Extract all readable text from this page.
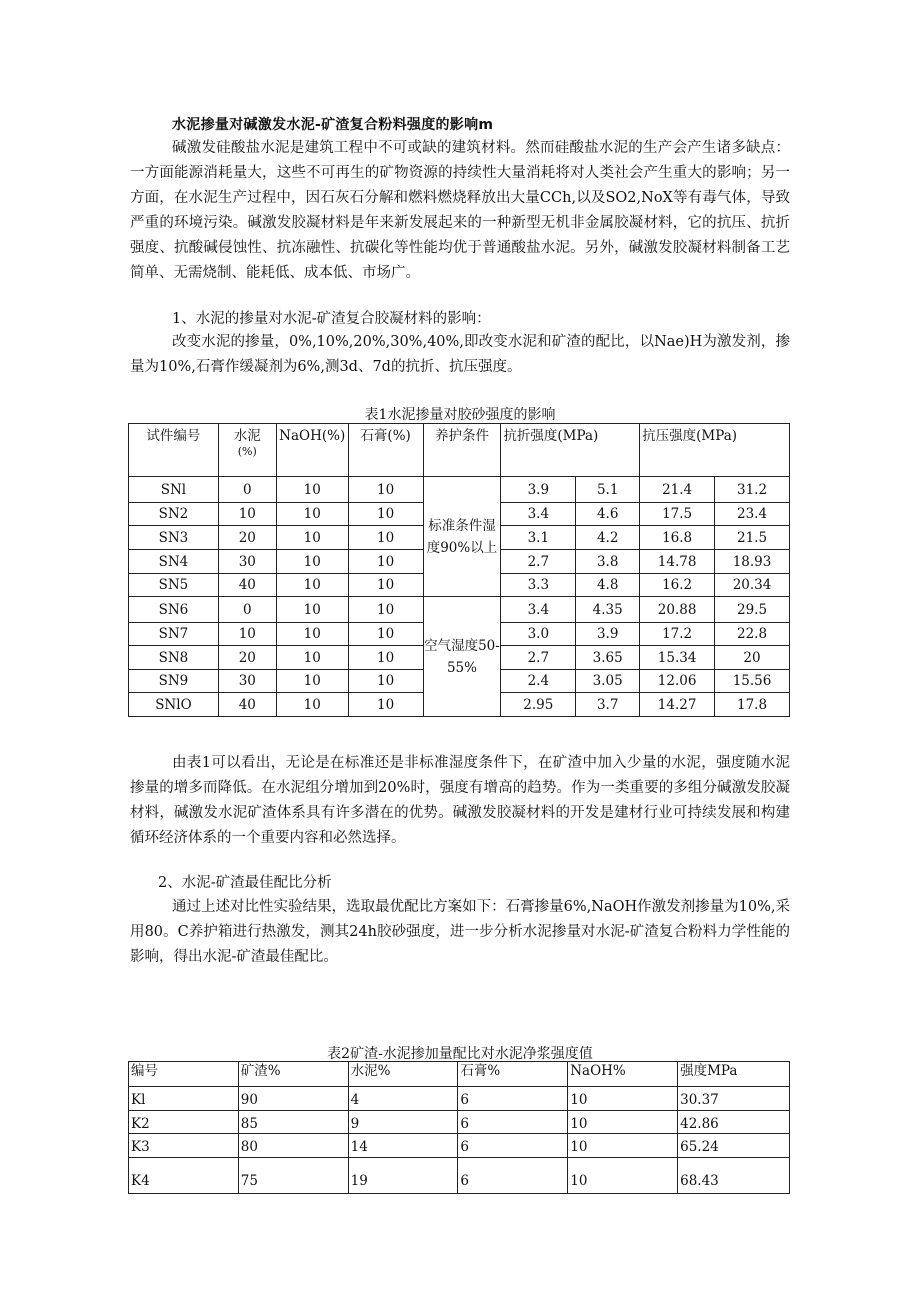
水泥掺量对碱激发水泥-矿渣复合粉料强度的影响m

碱激发硅酸盐水泥是建筑工程中不可或缺的建筑材料。然而硅酸盐水泥的生产会产生诸多缺点：一方面能源消耗量大，这些不可再生的矿物资源的持续性大量消耗将对人类社会产生重大的影响；另一方面，在水泥生产过程中，因石灰石分解和燃料燃烧释放出大量CCh,以及SO2,NoX等有毒气体，导致严重的环境污染。碱激发胶凝材料是年来新发展起来的一种新型无机非金属胶凝材料，它的抗压、抗折强度、抗酸碱侵蚀性、抗冻融性、抗碳化等性能均优于普通酸盐水泥。另外，碱激发胶凝材料制备工艺简单、无需烧制、能耗低、成本低、市场广。

1、水泥的掺量对水泥-矿渣复合胶凝材料的影响：

改变水泥的掺量，0%,10%,20%,30%,40%,即改变水泥和矿渣的配比，以Nae)H为激发剂，掺量为10%,石膏作缓凝剂为6%,测3d、7d的抗折、抗压强度。

表1水泥掺量对胶砂强度的影响
试件编号	水泥
(%)	NaOH(%)	石膏(%)	养护条件	抗折强度(MPa)		抗压强度(MPa)	
SNl	0	10	10	标准条件湿度90%以上	3.9	5.1	21.4	31.2
SN2	10	10	10		3.4	4.6	17.5	23.4
SN3	20	10	10		3.1	4.2	16.8	21.5
SN4	30	10	10		2.7	3.8	14.78	18.93
SN5	40	10	10		3.3	4.8	16.2	20.34
SN6	0	10	10	空气湿度50-55%	3.4	4.35	20.88	29.5
SN7	10	10	10		3.0	3.9	17.2	22.8
SN8	20	10	10		2.7	3.65	15.34	20
SN9	30	10	10		2.4	3.05	12.06	15.56
SNlO	40	10	10		2.95	3.7	14.27	17.8

由表1可以看出，无论是在标准还是非标准湿度条件下，在矿渣中加入少量的水泥，强度随水泥掺量的增多而降低。在水泥组分增加到20%时，强度有增高的趋势。作为一类重要的多组分碱激发胶凝材料，碱激发水泥矿渣体系具有许多潜在的优势。碱激发胶凝材料的开发是建材行业可持续发展和构建循环经济体系的一个重要内容和必然选择。

2、水泥-矿渣最佳配比分析

通过上述对比性实验结果，选取最优配比方案如下：石膏掺量6%,NaOH作激发剂掺量为10%,采用80。C养护箱进行热激发，测其24h胶砂强度，进一步分析水泥掺量对水泥-矿渣复合粉料力学性能的影响，得出水泥-矿渣最佳配比。

表2矿渣-水泥掺加量配比对水泥净浆强度值
编号	矿渣%	水泥%	石膏%	NaOH%	强度MPa
Kl	90	4	6	10	30.37
K2	85	9	6	10	42.86
K3	80	14	6	10	65.24
K4	75	19	6	10	68.43
